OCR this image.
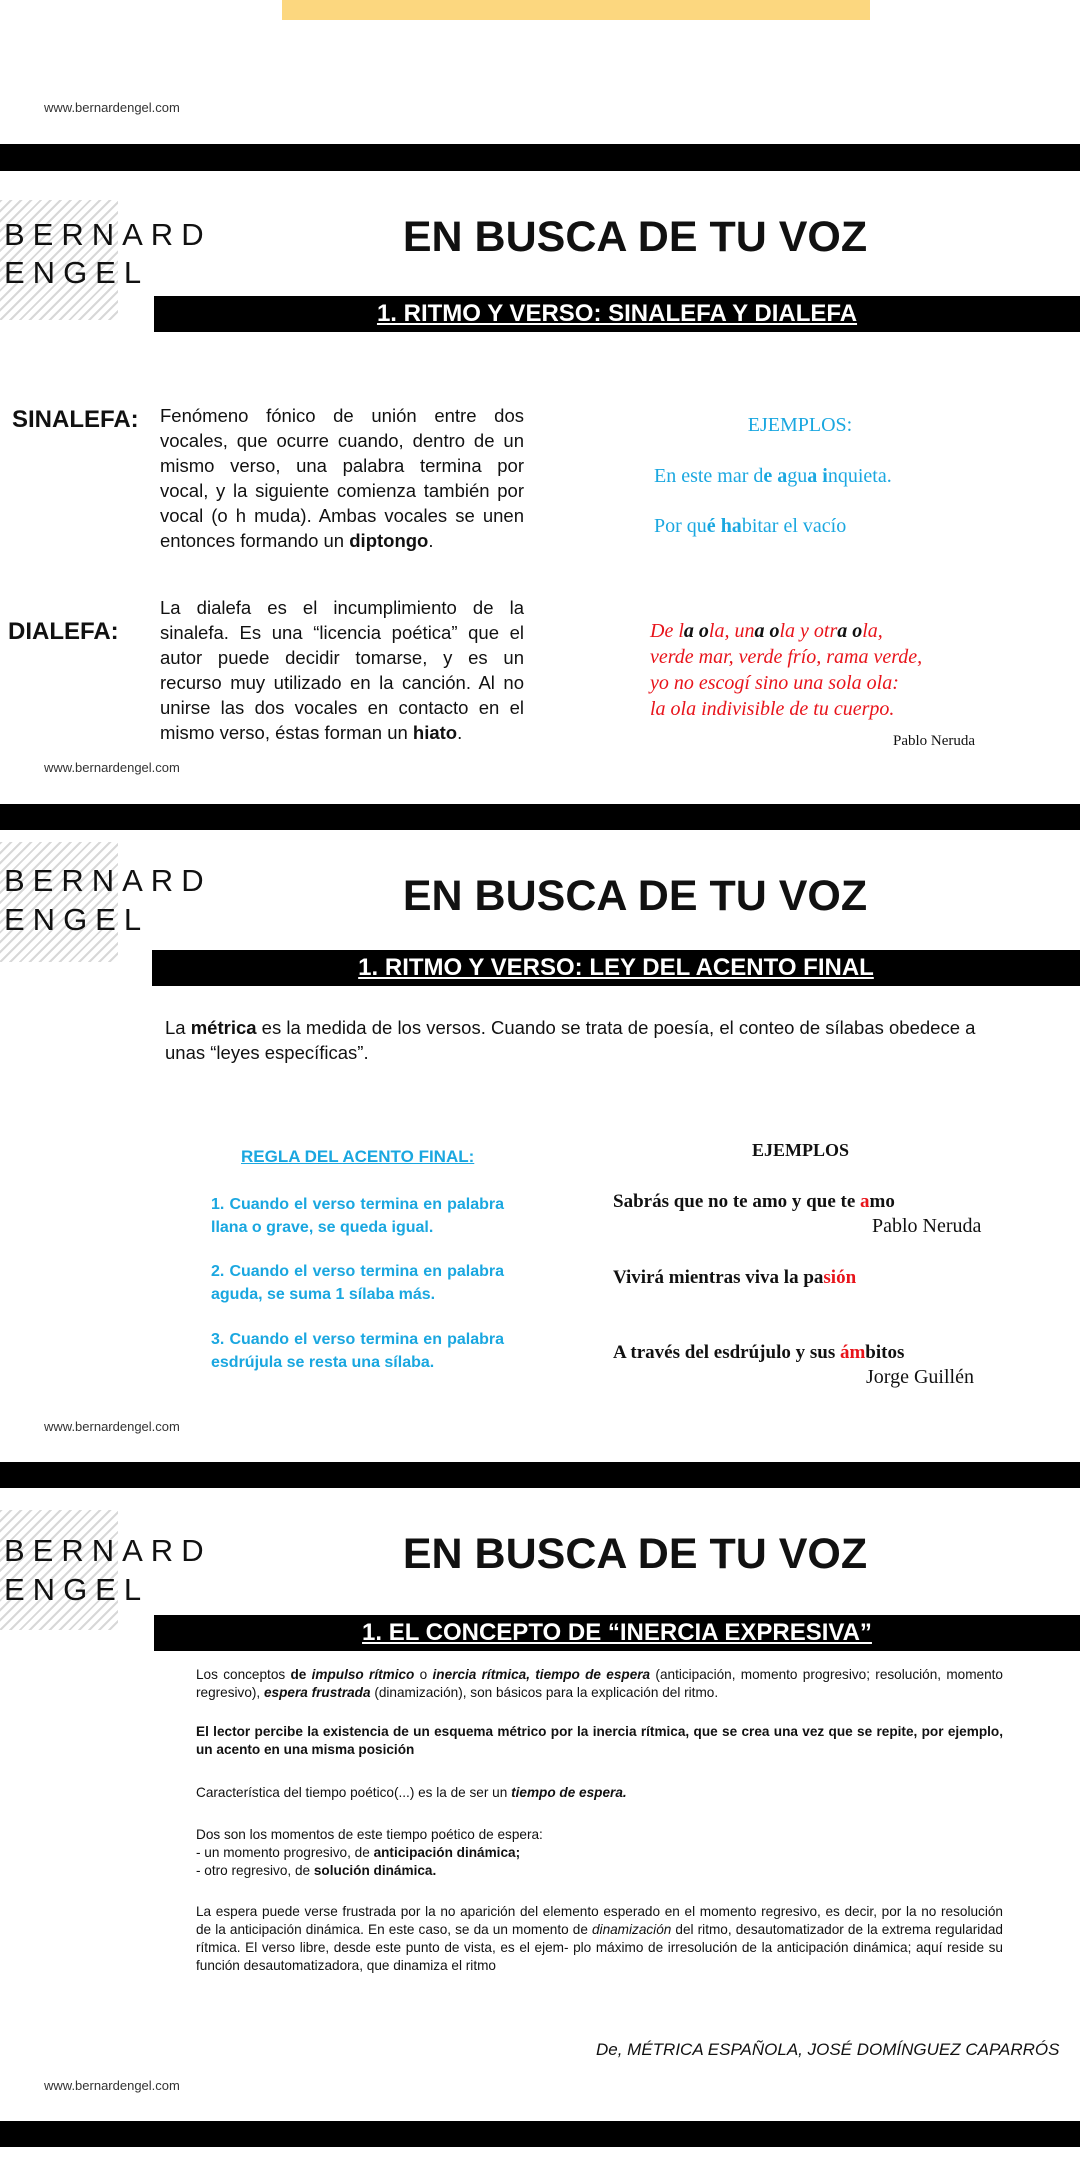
www.bernardengel.com
BERNARD
ENGEL
EN BUSCA DE TU VOZ
1. RITMO Y VERSO: SINALEFA Y DIALEFA
SINALEFA: Fenómeno fónico de unión entre dos vocales, que ocurre cuando, dentro de un mismo verso, una palabra termina por vocal, y la siguiente comienza también por vocal (o h muda). Ambas vocales se unen entonces formando un diptongo.
DIALEFA:
La dialefa es el incumplimiento de la sinalefa. Es una “licencia poética” que el autor puede decidir tomarse, y es un recurso muy utilizado en la canción. Al no unirse las dos vocales en contacto en el mismo verso, éstas forman un hiato.
EJEMPLOS:
En este mar de agua inquieta.
Por qué habitar el vacío
De la ola, una ola y otra ola,
verde mar, verde frío, rama verde,
yo no escogí sino una sola ola:
la ola indivisible de tu cuerpo.
Pablo Neruda
www.bernardengel.com
BERNARD
ENGEL	EN BUSCA DE TU VOZ
1. RITMO Y VERSO: LEY DEL ACENTO FINAL
La métrica es la medida de los versos. Cuando se trata de poesía, el conteo de sílabas obedece a unas “leyes específicas”.
REGLA DEL ACENTO FINAL:
1. Cuando el verso termina en palabra llana o grave, se queda igual.
2. Cuando el verso termina en palabra aguda, se suma 1 sílaba más.
3. Cuando el verso termina en palabra esdrújula se resta una sílaba.
EJEMPLOS
Sabrás que no te amo y que te amo
Pablo Neruda
Vivirá mientras viva la pasión
A través del esdrújulo y sus ámbitos
Jorge Guillén
www.bernardengel.com
BERNARD
ENGEL
EN BUSCA DE TU VOZ
1. EL CONCEPTO DE “INERCIA EXPRESIVA”
Los conceptos de impulso rítmico o inercia rítmica, tiempo de espera (anticipación, momento progresivo; resolución, momento regresivo), espera frustrada (dinamización), son básicos para la explicación del ritmo.
El lector percibe la existencia de un esquema métrico por la inercia rítmica, que se crea una vez que se repite, por ejemplo, un acento en una misma posición
Característica del tiempo poético(...) es la de ser un tiempo de espera.
Dos son los momentos de este tiempo poético de espera:
- un momento progresivo, de anticipación dinámica;
- otro regresivo, de solución dinámica.
La espera puede verse frustrada por la no aparición del elemento esperado en el momento regresivo, es decir, por la no resolución de la anticipación dinámica. En este caso, se da un momento de dinamización del ritmo, desautomatizador de la extrema regularidad rítmica. El verso libre, desde este punto de vista, es el ejem- plo máximo de irresolución de la anticipación dinámica; aquí reside su función desautomatizadora, que dinamiza el ritmo
De, MÉTRICA ESPAÑOLA, JOSÉ DOMÍNGUEZ CAPARRÓS
www.bernardengel.com
